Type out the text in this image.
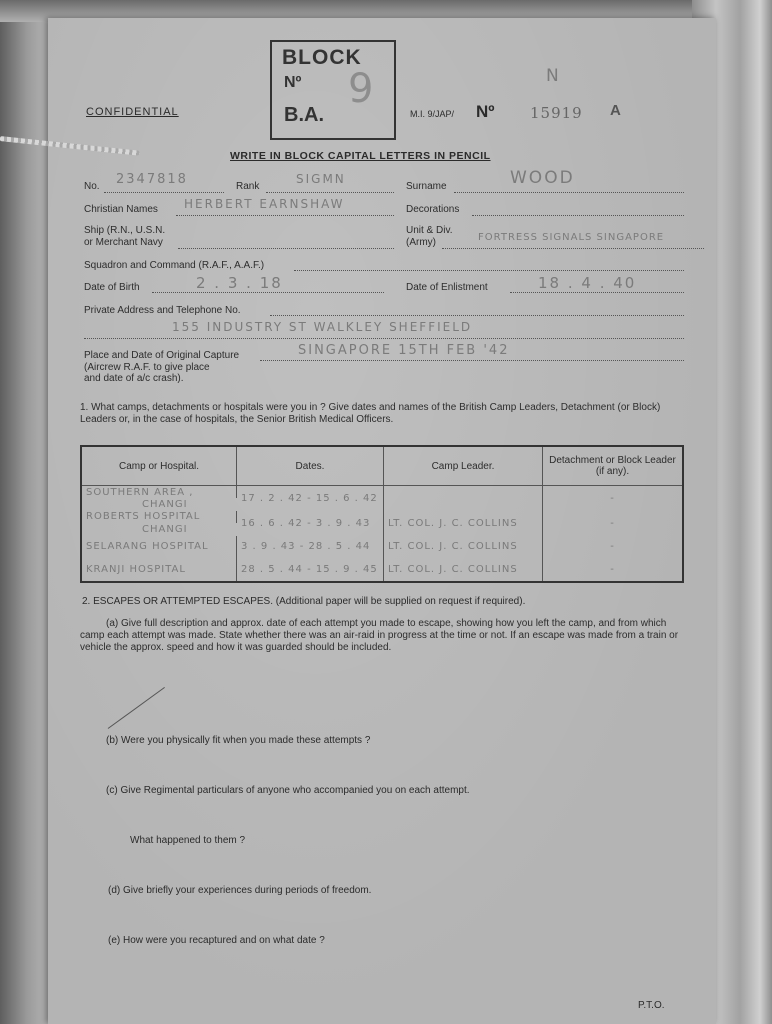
BLOCK
Nº
B.A.
9
CONFIDENTIAL	M.I. 9/JAP/ Nº 15919 A
N
WRITE IN BLOCK CAPITAL LETTERS IN PENCIL
No. 2347818	Rank
SIGMN
Surname	WOOD
Christian Names HERBERT EARNSHAW	Decorations
Ship (R.N., U.S.N.
or Merchant Navy
Unit & Div.
(Army)	FORTRESS SIGNALS SINGAPORE
Squadron and Command (R.A.F., A.A.F.)
Date of Birth	2 . 3 . 18	Date of Enlistment	18 . 4 . 40
Private Address and Telephone No.
155 INDUSTRY ST WALKLEY SHEFFIELD
Place and Date of Original Capture
(Aircrew R.A.F. to give place
and date of a/c crash).
SINGAPORE 15TH FEB '42
1. What camps, detachments or hospitals were you in ? Give dates and names of the British Camp Leaders, Detachment (or Block) Leaders or, in the case of hospitals, the Senior British Medical Officers.
Camp or Hospital.	Dates.	Camp Leader.	Detachment or Block Leader (if any).
SOUTHERN AREA ,	17 . 2 . 42 - 15 . 6 . 42		-
CHANGI			
ROBERTS HOSPITAL	16 . 6 . 42 - 3 . 9 . 43	LT. COL. J. C. COLLINS	-
CHANGI			
SELARANG HOSPITAL	3 . 9 . 43 - 28 . 5 . 44	LT. COL. J. C. COLLINS	-
KRANJI HOSPITAL	28 . 5 . 44 - 15 . 9 . 45	LT. COL. J. C. COLLINS	-
2. ESCAPES OR ATTEMPTED ESCAPES. (Additional paper will be supplied on request if required).
(a) Give full description and approx. date of each attempt you made to escape, showing how you left the camp, and from which camp each attempt was made. State whether there was an air-raid in progress at the time or not. If an escape was made from a train or vehicle the approx. speed and how it was guarded should be included.
(b) Were you physically fit when you made these attempts ?
(c) Give Regimental particulars of anyone who accompanied you on each attempt.
What happened to them ?
(d) Give briefly your experiences during periods of freedom.
(e) How were you recaptured and on what date ?
P.T.O.
